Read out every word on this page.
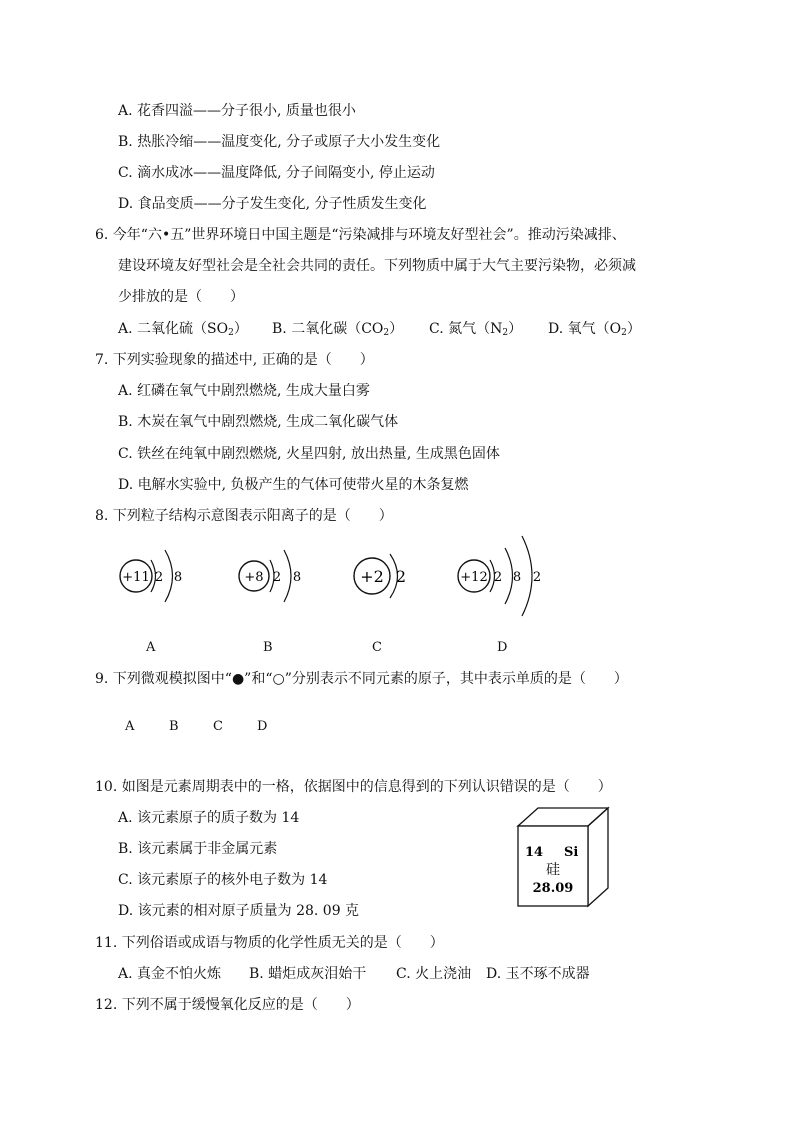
A. 花香四溢——分子很小, 质量也很小
B. 热胀冷缩——温度变化, 分子或原子大小发生变化
C. 滴水成冰——温度降低, 分子间隔变小, 停止运动
D. 食品变质——分子发生变化, 分子性质发生变化
6. 今年“六•五”世界环境日中国主题是“污染减排与环境友好型社会”。推动污染减排、
建设环境友好型社会是全社会共同的责任。下列物质中属于大气主要污染物，必须减
少排放的是（　　）
A. 二氧化硫$(SO_2)$ B. 二氧化碳$(CO_2)$ C. 氮气$(N_2)$ D. 氧气$(O_2)$
7. 下列实验现象的描述中, 正确的是（　　）
A. 红磷在氧气中剧烈燃烧, 生成大量白雾
B. 木炭在氧气中剧烈燃烧, 生成二氧化碳气体
C. 铁丝在纯氧中剧烈燃烧, 火星四射, 放出热量, 生成黑色固体
D. 电解水实验中, 负极产生的气体可使带火星的木条复燃
8. 下列粒子结构示意图表示阳离子的是（　　）
+11 2 8	+8 2 8	+2 2	+12 2 8 2
A	B	C	D
9. 下列微观模拟图中“●”和“○”分别表示不同元素的原子，其中表示单质的是（　　）
A	B	C	D
10. 如图是元素周期表中的一格，依据图中的信息得到的下列认识错误的是（　　）
A. 该元素原子的质子数为 14
B. 该元素属于非金属元素
C. 该元素原子的核外电子数为 14
D. 该元素的相对原子质量为 28. 09 克
14 Si
硅
28.09
11. 下列俗语或成语与物质的化学性质无关的是（　　）
A. 真金不怕火炼 B. 蜡炬成灰泪始干 C. 火上浇油 D. 玉不琢不成器
12. 下列不属于缓慢氧化反应的是（　　）
